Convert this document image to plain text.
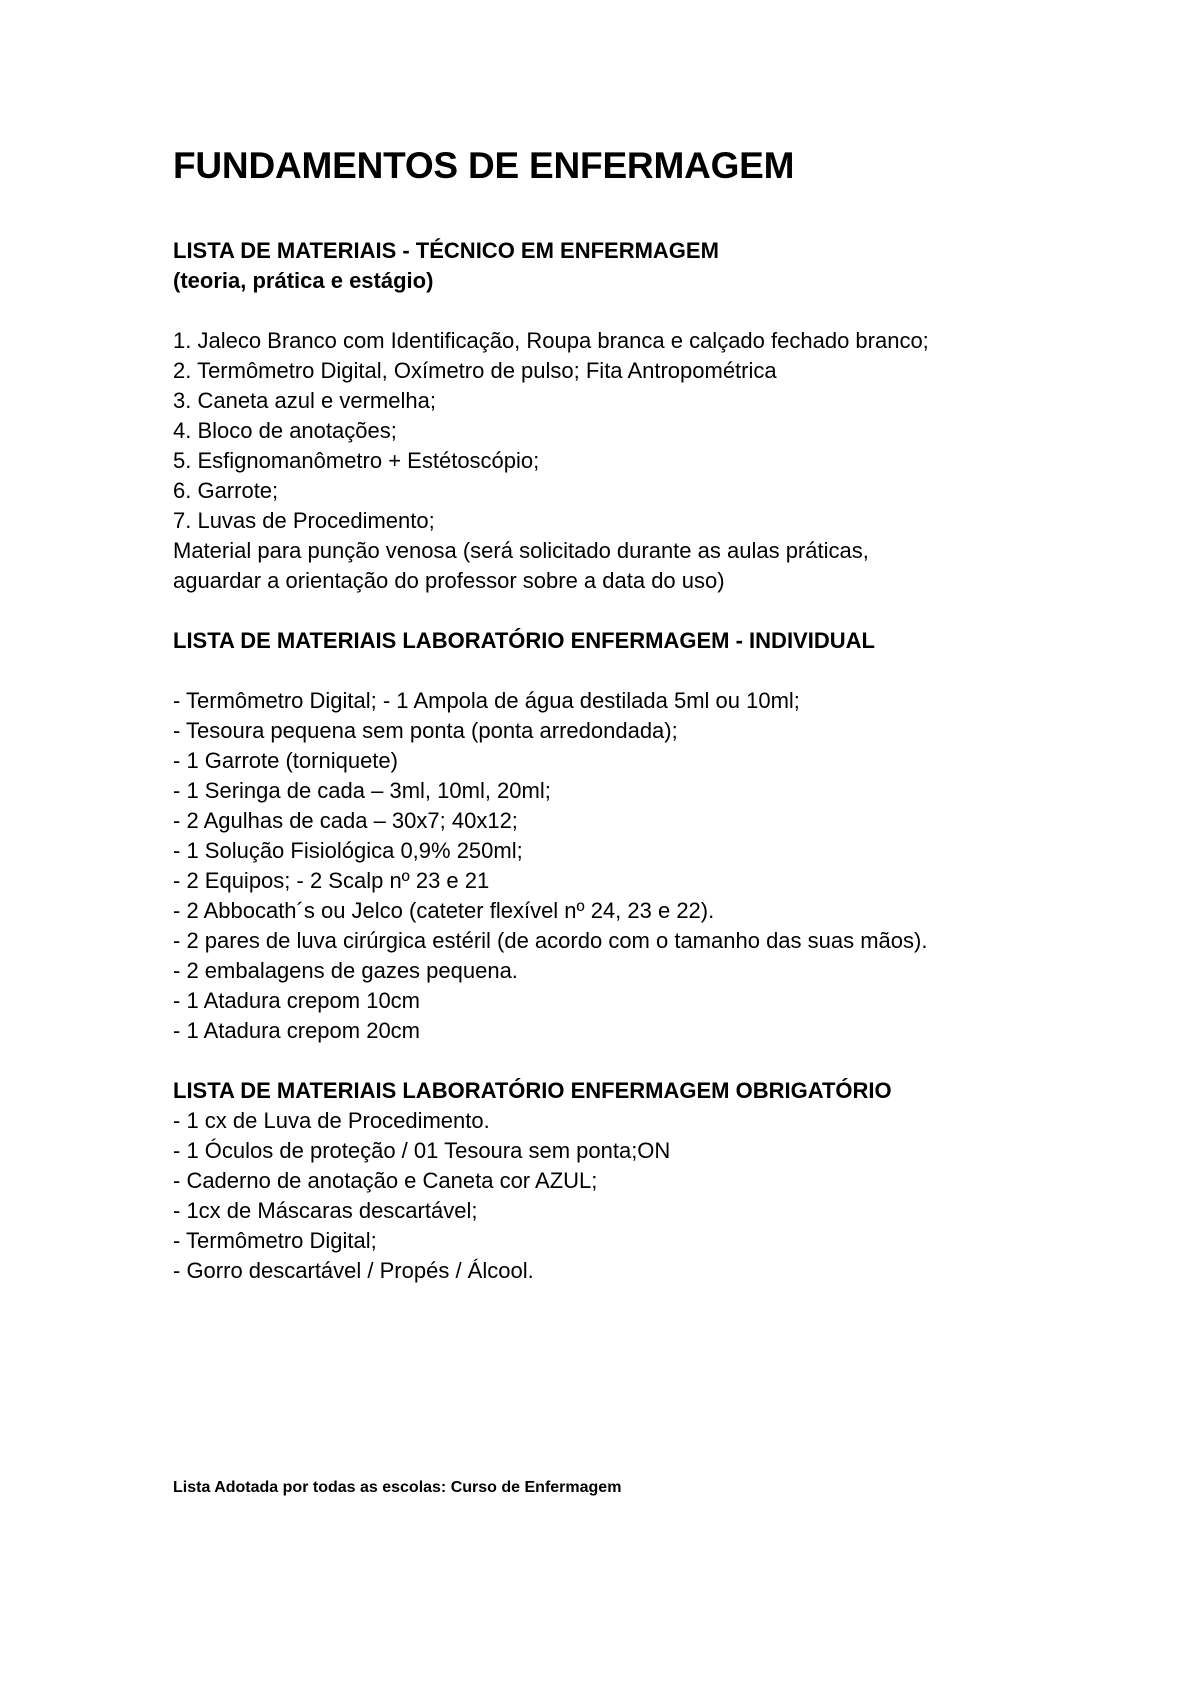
FUNDAMENTOS DE ENFERMAGEM

LISTA DE MATERIAIS - TÉCNICO EM ENFERMAGEM

(teoria, prática e estágio)

1. Jaleco Branco com Identificação, Roupa branca e calçado fechado branco;

2. Termômetro Digital, Oxímetro de pulso; Fita Antropométrica

3. Caneta azul e vermelha;

4. Bloco de anotações;

5. Esfignomanômetro + Estétoscópio;

6. Garrote;

7. Luvas de Procedimento;

Material para punção venosa (será solicitado durante as aulas práticas,

aguardar a orientação do professor sobre a data do uso)

LISTA DE MATERIAIS LABORATÓRIO ENFERMAGEM - INDIVIDUAL

- Termômetro Digital; - 1 Ampola de água destilada 5ml ou 10ml;

- Tesoura pequena sem ponta (ponta arredondada);

- 1 Garrote (torniquete)

- 1 Seringa de cada – 3ml, 10ml, 20ml;

- 2 Agulhas de cada – 30x7; 40x12;

- 1 Solução Fisiológica 0,9% 250ml;

- 2 Equipos; - 2 Scalp nº 23 e 21

- 2 Abbocath´s ou Jelco (cateter flexível nº 24, 23 e 22).

- 2 pares de luva cirúrgica estéril (de acordo com o tamanho das suas mãos).

- 2 embalagens de gazes pequena.

- 1 Atadura crepom 10cm

- 1 Atadura crepom 20cm

LISTA DE MATERIAIS LABORATÓRIO ENFERMAGEM OBRIGATÓRIO

- 1 cx de Luva de Procedimento.

- 1 Óculos de proteção / 01 Tesoura sem ponta;ON

- Caderno de anotação e Caneta cor AZUL;

- 1cx de Máscaras descartável;

- Termômetro Digital;

- Gorro descartável / Propés / Álcool.

Lista Adotada por todas as escolas: Curso de Enfermagem
